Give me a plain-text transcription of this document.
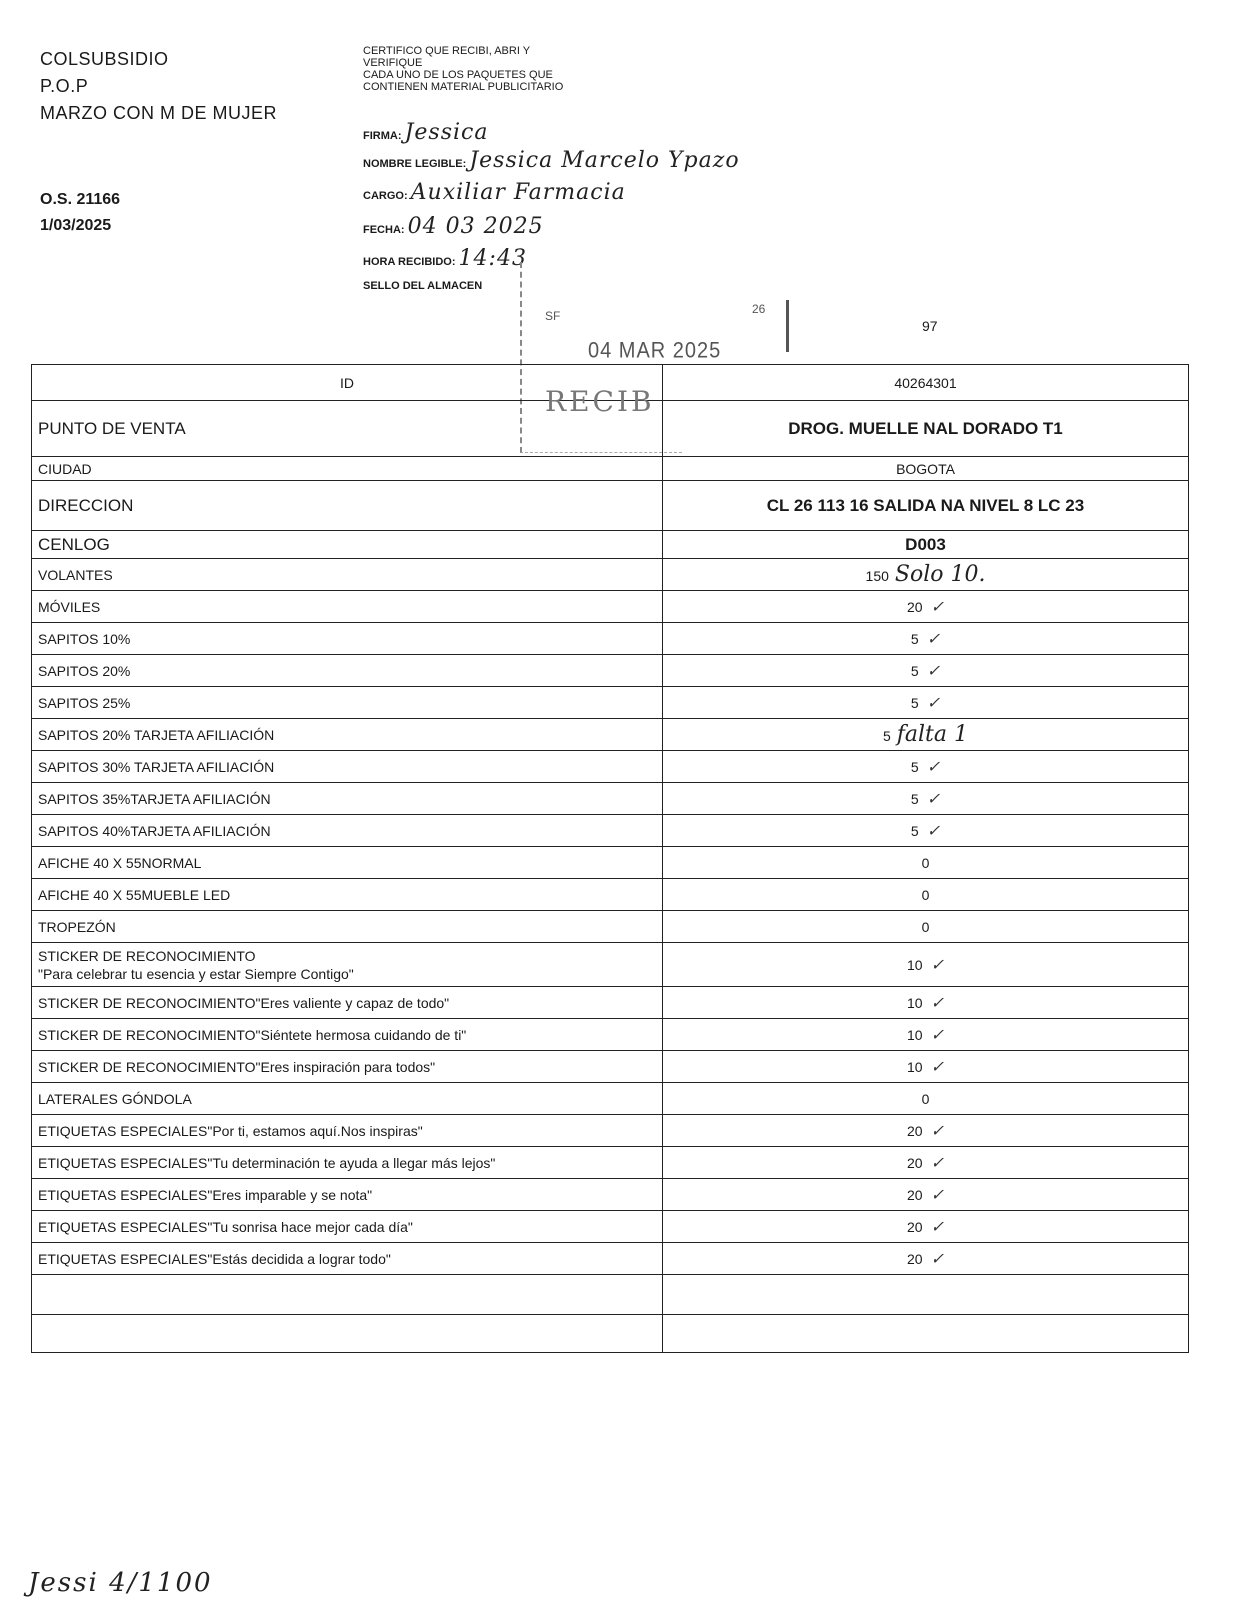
COLSUBSIDIO
P.O.P
MARZO CON M DE MUJER
O.S. 21166
1/03/2025
CERTIFICO QUE RECIBI, ABRI Y
VERIFIQUE
CADA UNO DE LOS PAQUETES QUE
CONTIENEN MATERIAL PUBLICITARIO
FIRMA: Jessica
NOMBRE LEGIBLE: Jessica Marcelo Ypazo
CARGO: Auxiliar Farmacia
FECHA: 04 03 2025
HORA RECIBIDO: 14:43
SELLO DEL ALMACEN
SF	26
04 MAR 2025
97
ID	40264301
PUNTO DE VENTA	DROG. MUELLE NAL DORADO T1
CIUDAD	BOGOTA
DIRECCION	CL 26 113 16 SALIDA NA NIVEL 8 LC 23
CENLOG	D003
VOLANTES	150 Solo 10.
MÓVILES	20 ✓
SAPITOS 10%	5 ✓
SAPITOS 20%	5 ✓
SAPITOS 25%	5 ✓
SAPITOS 20% TARJETA AFILIACIÓN	5 falta 1
SAPITOS 30% TARJETA AFILIACIÓN	5 ✓
SAPITOS 35%TARJETA AFILIACIÓN	5 ✓
SAPITOS 40%TARJETA AFILIACIÓN	5 ✓
AFICHE 40 X 55NORMAL	0
AFICHE 40 X 55MUEBLE LED	0
TROPEZÓN	0
STICKER DE RECONOCIMIENTO
"Para celebrar tu esencia y estar Siempre Contigo"	10 ✓
STICKER DE RECONOCIMIENTO"Eres valiente y capaz de todo"	10 ✓
STICKER DE RECONOCIMIENTO"Siéntete hermosa cuidando de ti"	10 ✓
STICKER DE RECONOCIMIENTO"Eres inspiración para todos"	10 ✓
LATERALES GÓNDOLA	0
ETIQUETAS ESPECIALES"Por ti, estamos aquí.Nos inspiras"	20 ✓
ETIQUETAS ESPECIALES"Tu determinación te ayuda a llegar más lejos"	20 ✓
ETIQUETAS ESPECIALES"Eres imparable y se nota"	20 ✓
ETIQUETAS ESPECIALES"Tu sonrisa hace mejor cada día"	20 ✓
ETIQUETAS ESPECIALES"Estás decidida a lograr todo"	20 ✓

RECIB
Jessi 4/1100
